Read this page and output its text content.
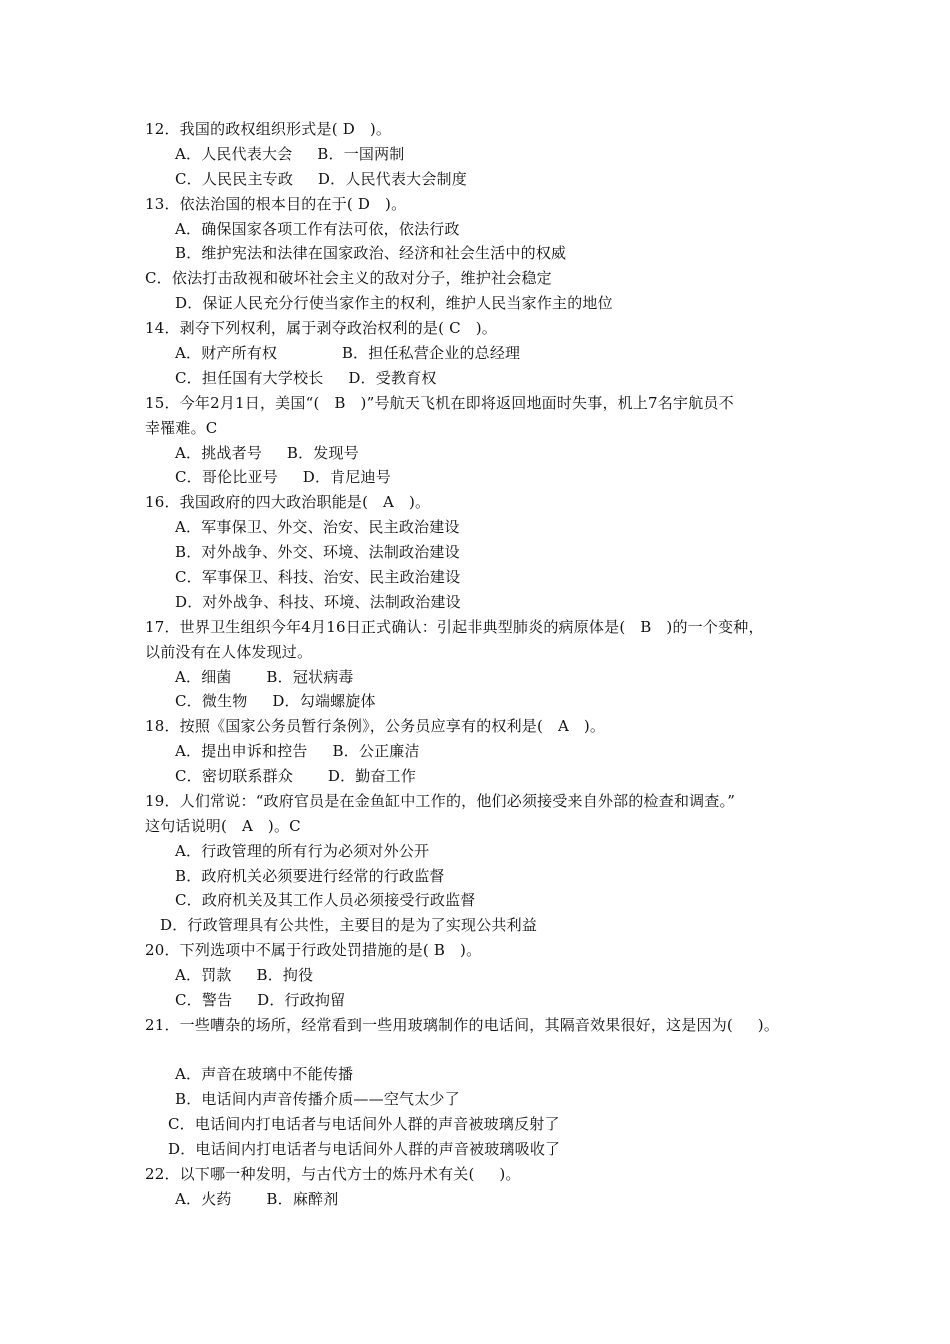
12．我国的政权组织形式是( D   )。
A．人民代表大会     B．一国两制
C．人民民主专政     D．人民代表大会制度
13．依法治国的根本目的在于( D   )。
A．确保国家各项工作有法可依，依法行政
B．维护宪法和法律在国家政治、经济和社会生活中的权威
C．依法打击敌视和破坏社会主义的敌对分子，维护社会稳定
D．保证人民充分行使当家作主的权利，维护人民当家作主的地位
14．剥夺下列权利，属于剥夺政治权利的是( C   )。
A．财产所有权             B．担任私营企业的总经理
C．担任国有大学校长     D．受教育权
15．今年2月1日，美国“(   B   )”号航天飞机在即将返回地面时失事，机上7名宇航员不
幸罹难。C
A．挑战者号     B．发现号
C．哥伦比亚号     D．肯尼迪号
16．我国政府的四大政治职能是(   A   )。
A．军事保卫、外交、治安、民主政治建设
B．对外战争、外交、环境、法制政治建设
C．军事保卫、科技、治安、民主政治建设
D．对外战争、科技、环境、法制政治建设
17．世界卫生组织今年4月16日正式确认：引起非典型肺炎的病原体是(   B   )的一个变种，
以前没有在人体发现过。
A．细菌       B．冠状病毒
C．微生物     D．勾端螺旋体
18．按照《国家公务员暂行条例》，公务员应享有的权利是(   A   )。
A．提出申诉和控告     B．公正廉洁
C．密切联系群众       D．勤奋工作
19．人们常说：“政府官员是在金鱼缸中工作的，他们必须接受来自外部的检查和调查。”
这句话说明(   A   )。C
A．行政管理的所有行为必须对外公开
B．政府机关必须要进行经常的行政监督
C．政府机关及其工作人员必须接受行政监督
D．行政管理具有公共性，主要目的是为了实现公共利益
20．下列选项中不属于行政处罚措施的是( B   )。
A．罚款     B．拘役
C．警告     D．行政拘留
21．一些嘈杂的场所，经常看到一些用玻璃制作的电话间，其隔音效果很好，这是因为(     )。
A．声音在玻璃中不能传播
B．电话间内声音传播介质——空气太少了
C．电话间内打电话者与电话间外人群的声音被玻璃反射了
D．电话间内打电话者与电话间外人群的声音被玻璃吸收了
22．以下哪一种发明，与古代方士的炼丹术有关(     )。
A．火药       B．麻醉剂
